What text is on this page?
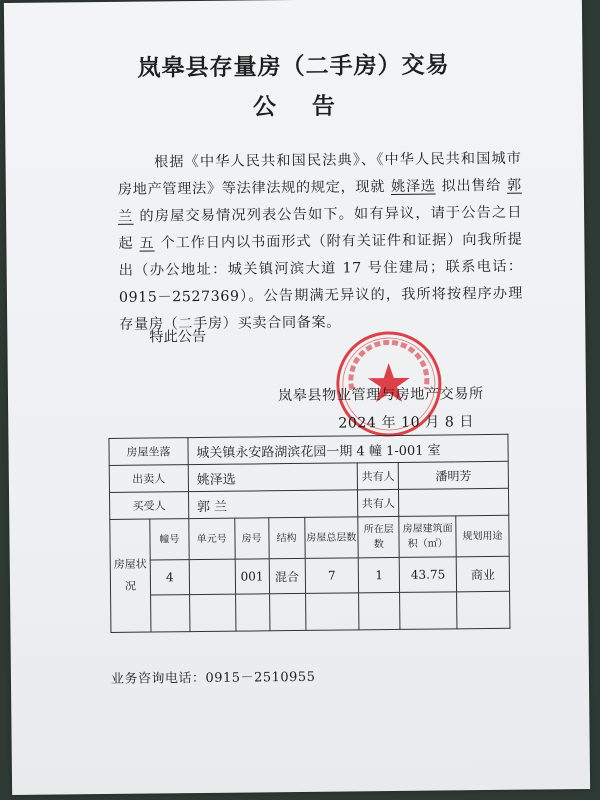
岚皋县存量房（二手房）交易
公告
根据《中华人民共和国民法典》、《中华人民共和国城市房地产管理法》等法律法规的规定，现就 姚泽选 拟出售给 郭 兰 的房屋交易情况列表公告如下。如有异议，请于公告之日起 五 个工作日内以书面形式（附有关证件和证据）向我所提出（办公地址：城关镇河滨大道 17 号住建局；联系电话：0915－2527369）。公告期满无异议的，我所将按程序办理存量房（二手房）买卖合同备案。
特此公告
岚皋县物业管理与房地产交易所
2024 年 10 月 8 日
房屋坐落		城关镇永安路湖滨花园一期 4 幢 1-001 室						
出卖人		姚泽选				共有人	潘明芳	
买受人		郭 兰				共有人		
房屋状况	幢号	单元号	房号	结构	房屋总层数	所在层数	房屋建筑面积（㎡）	规划用途
	4		001	混合	7	1	43.75	商业

业务咨询电话：0915－2510955
